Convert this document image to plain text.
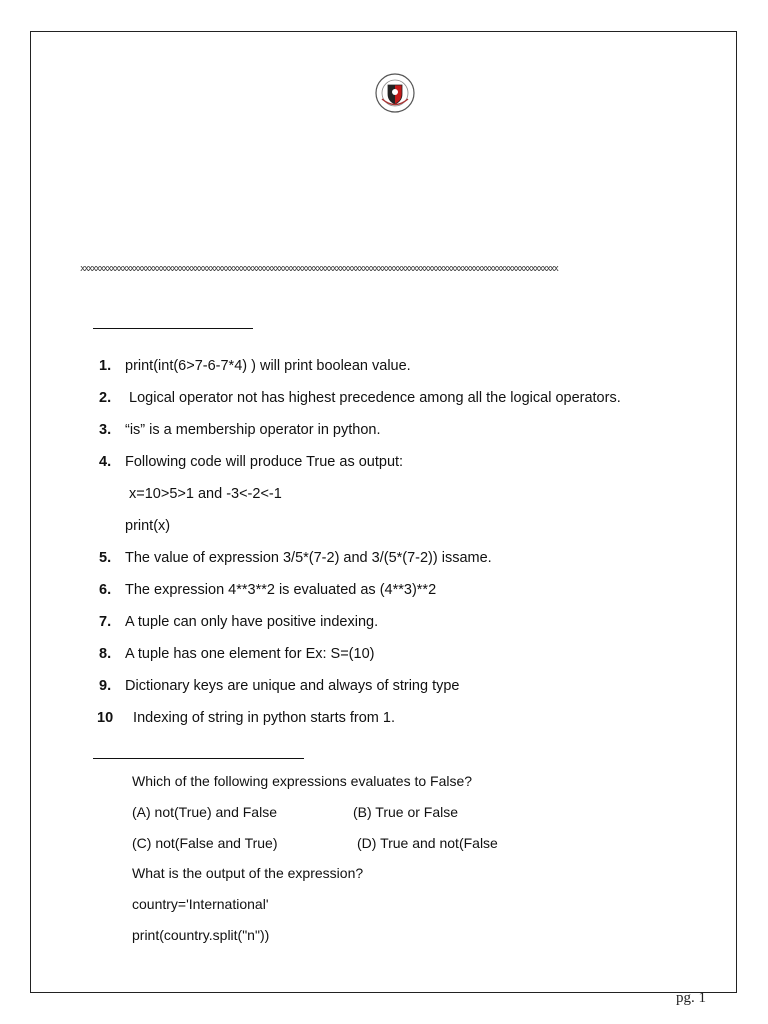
xxxxxxxxxxxxxxxxxxxxxxxxxxxxxxxxxxxxxxxxxxxxxxxxxxxxxxxxxxxxxxxxxxxxxxxxxxxxxxxxxxxxxxxxxxxxxxxxxxxxxxxxxxxxxxxxxxxxxxxxxxxxx
1. print(int(6>7-6-7*4) ) will print boolean value.
2. Logical operator not has highest precedence among all the logical operators.
3. “is” is a membership operator in python.
4. Following code will produce True as output:
x=10>5>1 and -3<-2<-1
print(x)
5. The value of expression 3/5*(7-2) and 3/(5*(7-2)) issame.
6. The expression 4**3**2 is evaluated as (4**3)**2
7. A tuple can only have positive indexing.
8. A tuple has one element for Ex: S=(10)
9. Dictionary keys are unique and always of string type
10  Indexing of string in python starts from 1.
Which of the following expressions evaluates to False?
(A) not(True) and False	(B) True or False
(C) not(False and True)	(D) True and not(False
What is the output of the expression?
country='International'
print(country.split("n"))
pg. 1
